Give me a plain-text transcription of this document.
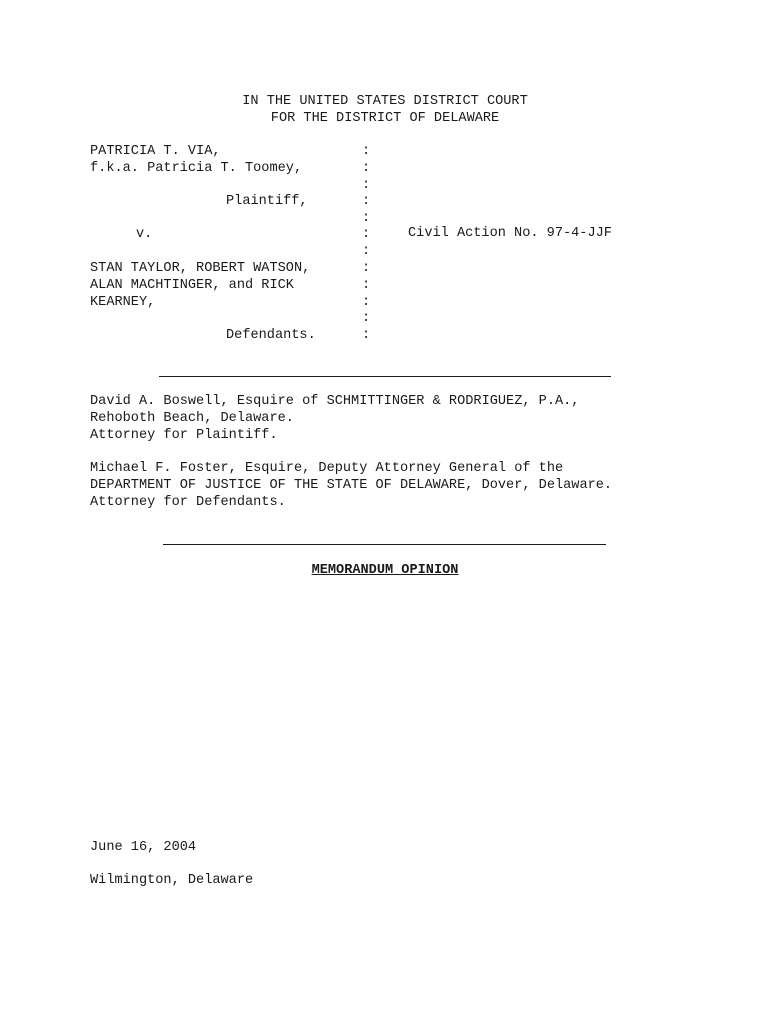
IN THE UNITED STATES DISTRICT COURT
FOR THE DISTRICT OF DELAWARE
PATRICIA T. VIA,
f.k.a. Patricia T. Toomey,
Plaintiff,
v.
STAN TAYLOR, ROBERT WATSON,
ALAN MACHTINGER, and RICK
KEARNEY,
Defendants.
:
:
:
:
:
:
:
:
:
:
:
:
Civil Action No. 97-4-JJF
David A. Boswell, Esquire of SCHMITTINGER & RODRIGUEZ, P.A.,
Rehoboth Beach, Delaware.
Attorney for Plaintiff.
Michael F. Foster, Esquire, Deputy Attorney General of the
DEPARTMENT OF JUSTICE OF THE STATE OF DELAWARE, Dover, Delaware.
Attorney for Defendants.
MEMORANDUM OPINION
June 16, 2004
Wilmington, Delaware
